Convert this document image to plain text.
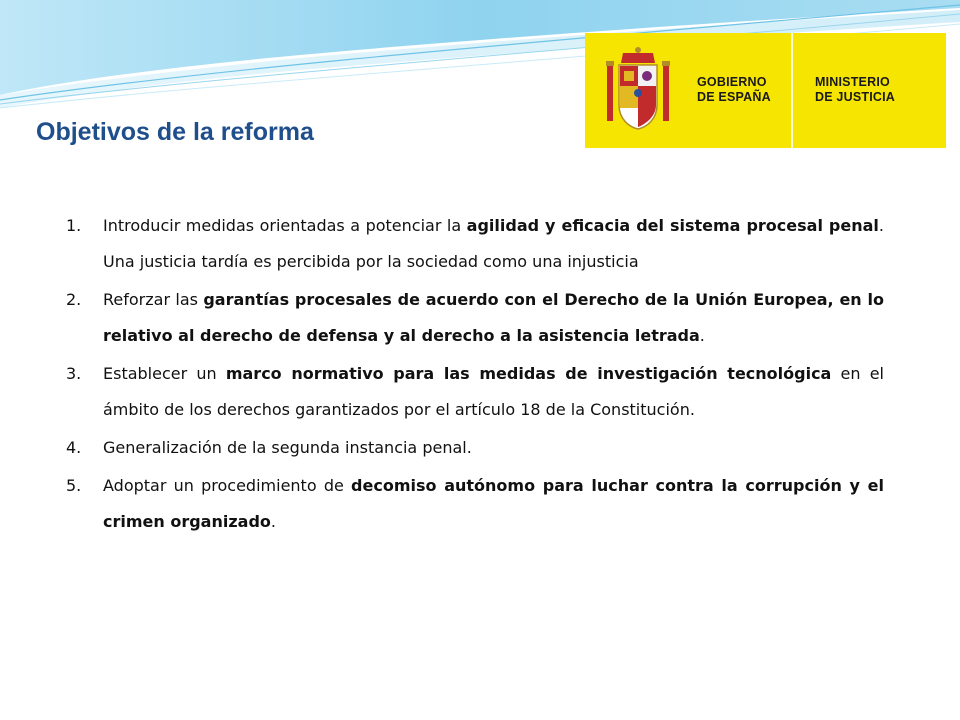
GOBIERNO
DE ESPAÑA
MINISTERIO
DE JUSTICIA
Objetivos de la reforma
1. Introducir medidas orientadas a potenciar la agilidad y eficacia del sistema procesal penal. Una justicia tardía es percibida por la sociedad como una injusticia
2. Reforzar las garantías procesales de acuerdo con el Derecho de la Unión Europea, en lo relativo al derecho de defensa y al derecho a la asistencia letrada.
3. Establecer un marco normativo para las medidas de investigación tecnológica en el ámbito de los derechos garantizados por el artículo 18 de la Constitución.
4. Generalización de la segunda instancia penal.
5. Adoptar un procedimiento de decomiso autónomo para luchar contra la corrupción y el crimen organizado.
